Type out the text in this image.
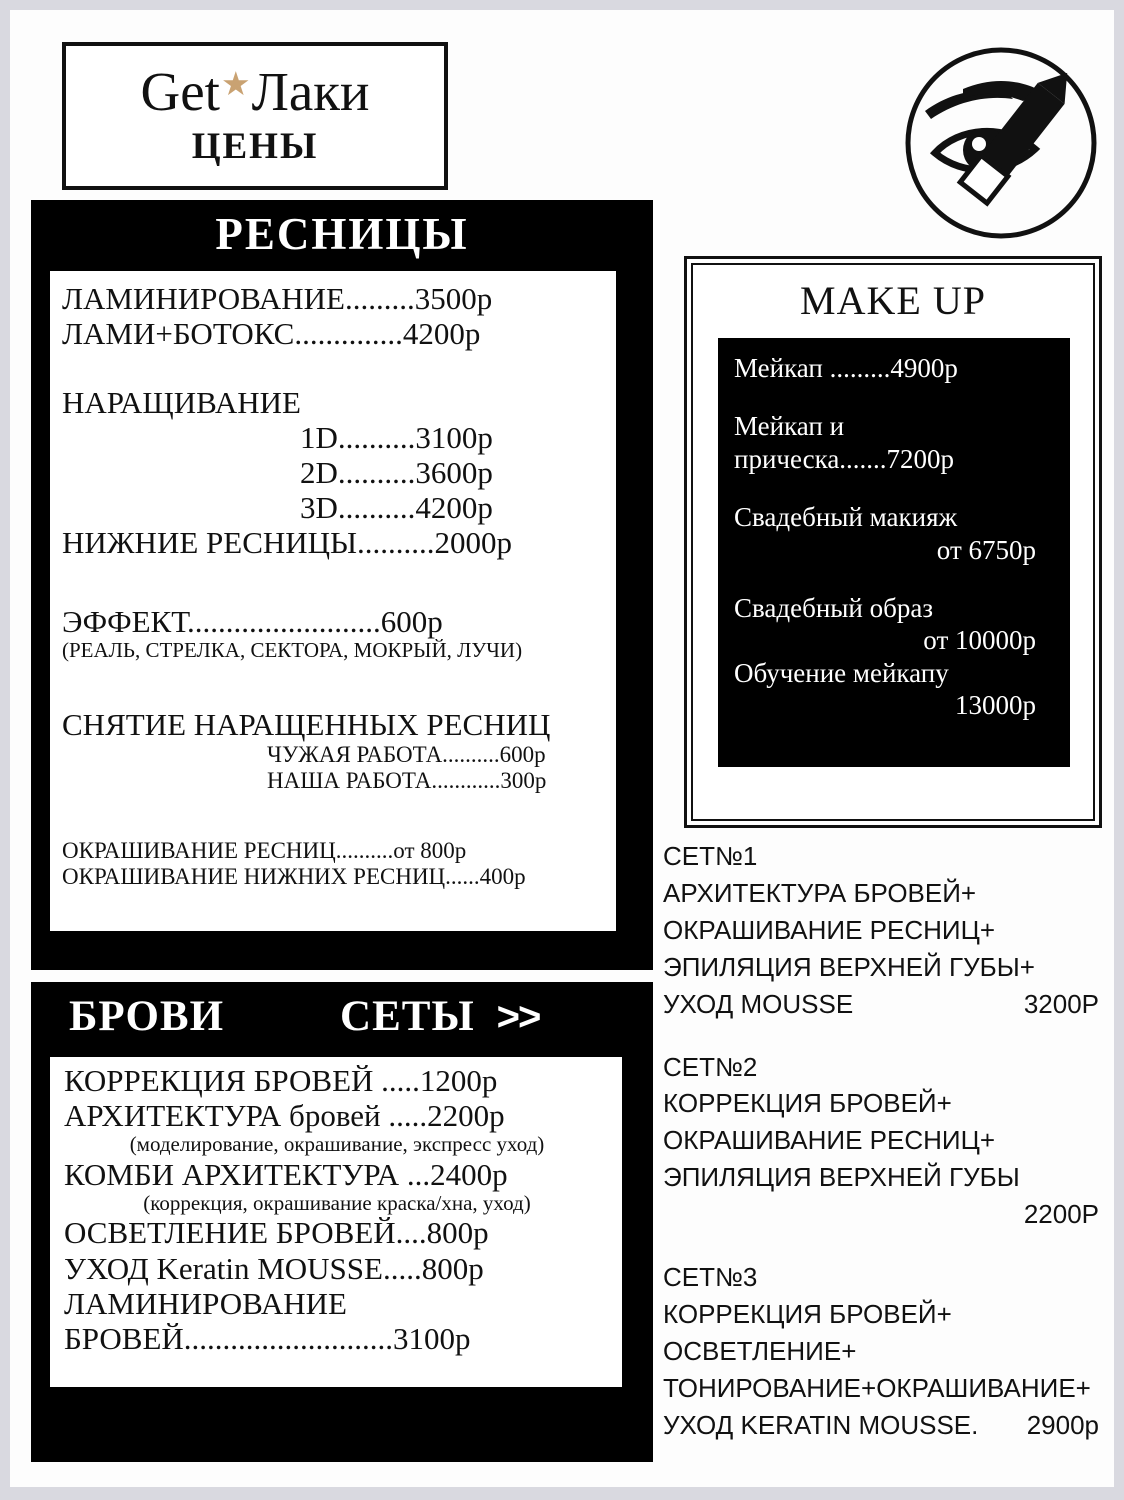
Get ★ Лаки
ЦЕНЫ
РЕСНИЦЫ
ЛАМИНИРОВАНИЕ.........3500р
ЛАМИ+БОТОКС..............4200р
НАРАЩИВАНИЕ
1D..........3100р
2D..........3600р
3D..........4200р
НИЖНИЕ РЕСНИЦЫ..........2000р
ЭФФЕКТ.........................600р
(РЕАЛЬ, СТРЕЛКА, СЕКТОРА, МОКРЫЙ, ЛУЧИ)
СНЯТИЕ НАРАЩЕННЫХ РЕСНИЦ
ЧУЖАЯ РАБОТА..........600р
НАША РАБОТА............300р
ОКРАШИВАНИЕ РЕСНИЦ..........от 800р
ОКРАШИВАНИЕ НИЖНИХ РЕСНИЦ......400р
MAKE UP
Мейкап .........4900р
Мейкап и
прическа.......7200р
Свадебный макияж
от 6750р
Свадебный образ
от 10000р
Обучение мейкапу
13000р
БРОВИ	СЕТЫ >>
КОРРЕКЦИЯ БРОВЕЙ .....1200р
АРХИТЕКТУРА бровей .....2200р
(моделирование, окрашивание, экспресс уход)
КОМБИ АРХИТЕКТУРА ...2400р
(коррекция, окрашивание краска/хна, уход)
ОСВЕТЛЕНИЕ БРОВЕЙ....800р
УХОД Keratin MOUSSE.....800р
ЛАМИНИРОВАНИЕ
БРОВЕЙ...........................3100р
СЕТ№1
АРХИТЕКТУРА БРОВЕЙ+
ОКРАШИВАНИЕ РЕСНИЦ+
ЭПИЛЯЦИЯ ВЕРХНЕЙ ГУБЫ+
УХОД MOUSSE	3200Р
СЕТ№2
КОРРЕКЦИЯ БРОВЕЙ+
ОКРАШИВАНИЕ РЕСНИЦ+
ЭПИЛЯЦИЯ ВЕРХНЕЙ ГУБЫ
2200Р
СЕТ№3
КОРРЕКЦИЯ БРОВЕЙ+
ОСВЕТЛЕНИЕ+
ТОНИРОВАНИЕ+ОКРАШИВАНИЕ+
УХОД KERATIN MOUSSE. 2900р
